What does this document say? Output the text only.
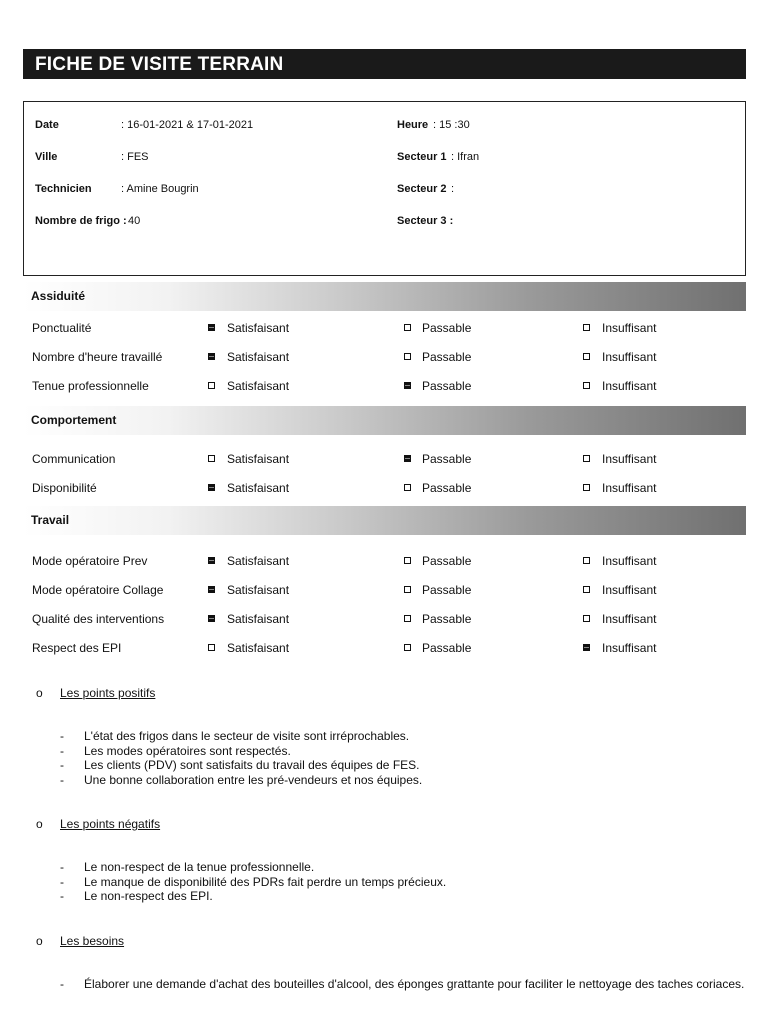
FICHE DE VISITE TERRAIN
Date	: 16-01-2021 & 17-01-2021	Heure : 15 :30
Ville	: FES	Secteur 1 : Ifran
Technicien	: Amine Bougrin	Secteur 2 :
Nombre de frigo : 40	Secteur 3 :
Assiduité
Ponctualité	Satisfaisant	Passable	Insuffisant
Nombre d'heure travaillé	Satisfaisant	Passable	Insuffisant
Tenue professionnelle	Satisfaisant	Passable	Insuffisant
Comportement
Communication	Satisfaisant	Passable	Insuffisant
Disponibilité	Satisfaisant	Passable	Insuffisant
Travail
Mode opératoire Prev	Satisfaisant	Passable	Insuffisant
Mode opératoire Collage	Satisfaisant	Passable	Insuffisant
Qualité des interventions	Satisfaisant	Passable	Insuffisant
Respect des EPI	Satisfaisant	Passable	Insuffisant
o Les points positifs
- L'état des frigos dans le secteur de visite sont irréprochables.
- Les modes opératoires sont respectés.
- Les clients (PDV) sont satisfaits du travail des équipes de FES.
- Une bonne collaboration entre les pré-vendeurs et nos équipes.
o Les points négatifs
- Le non-respect de la tenue professionnelle.
- Le manque de disponibilité des PDRs fait perdre un temps précieux.
- Le non-respect des EPI.
o Les besoins
- Élaborer une demande d'achat des bouteilles d'alcool, des éponges grattante pour faciliter le nettoyage des taches coriaces.
